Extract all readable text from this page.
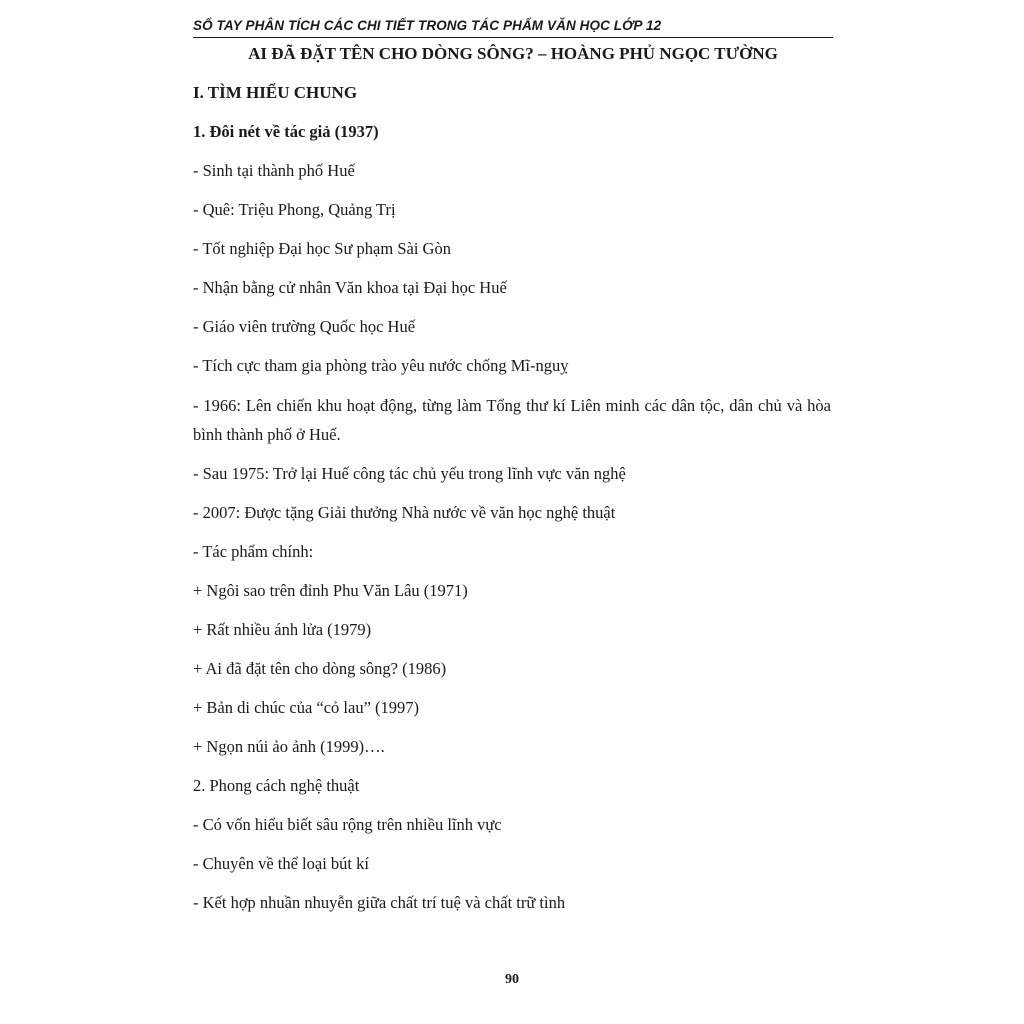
SỔ TAY PHÂN TÍCH CÁC CHI TIẾT TRONG TÁC PHẨM VĂN HỌC LỚP 12
AI ĐÃ ĐẶT TÊN CHO DÒNG SÔNG? – HOÀNG PHỦ NGỌC TƯỜNG
I. TÌM HIỂU CHUNG
1. Đôi nét về tác giả (1937)
- Sinh tại thành phố Huế
- Quê: Triệu Phong, Quảng Trị
- Tốt nghiệp Đại học Sư phạm Sài Gòn
- Nhận bằng cử nhân Văn khoa tại Đại học Huế
- Giáo viên trường Quốc học Huế
- Tích cực tham gia phòng trào yêu nước chống Mĩ-nguỵ
- 1966: Lên chiến khu hoạt động, từng làm Tổng thư kí Liên minh các dân tộc, dân chủ và hòa bình thành phố ở Huế.
- Sau 1975: Trở lại Huế công tác chủ yếu trong lĩnh vực văn nghệ
- 2007: Được tặng Giải thưởng Nhà nước về văn học nghệ thuật
- Tác phẩm chính:
+ Ngôi sao trên đỉnh Phu Văn Lâu (1971)
+ Rất nhiều ánh lửa (1979)
+ Ai đã đặt tên cho dòng sông? (1986)
+ Bản di chúc của “cỏ lau” (1997)
+ Ngọn núi ảo ảnh (1999)….
2. Phong cách nghệ thuật
- Có vốn hiểu biết sâu rộng trên nhiều lĩnh vực
- Chuyên về thể loại bút kí
- Kết hợp nhuần nhuyễn giữa chất trí tuệ và chất trữ tình
90
